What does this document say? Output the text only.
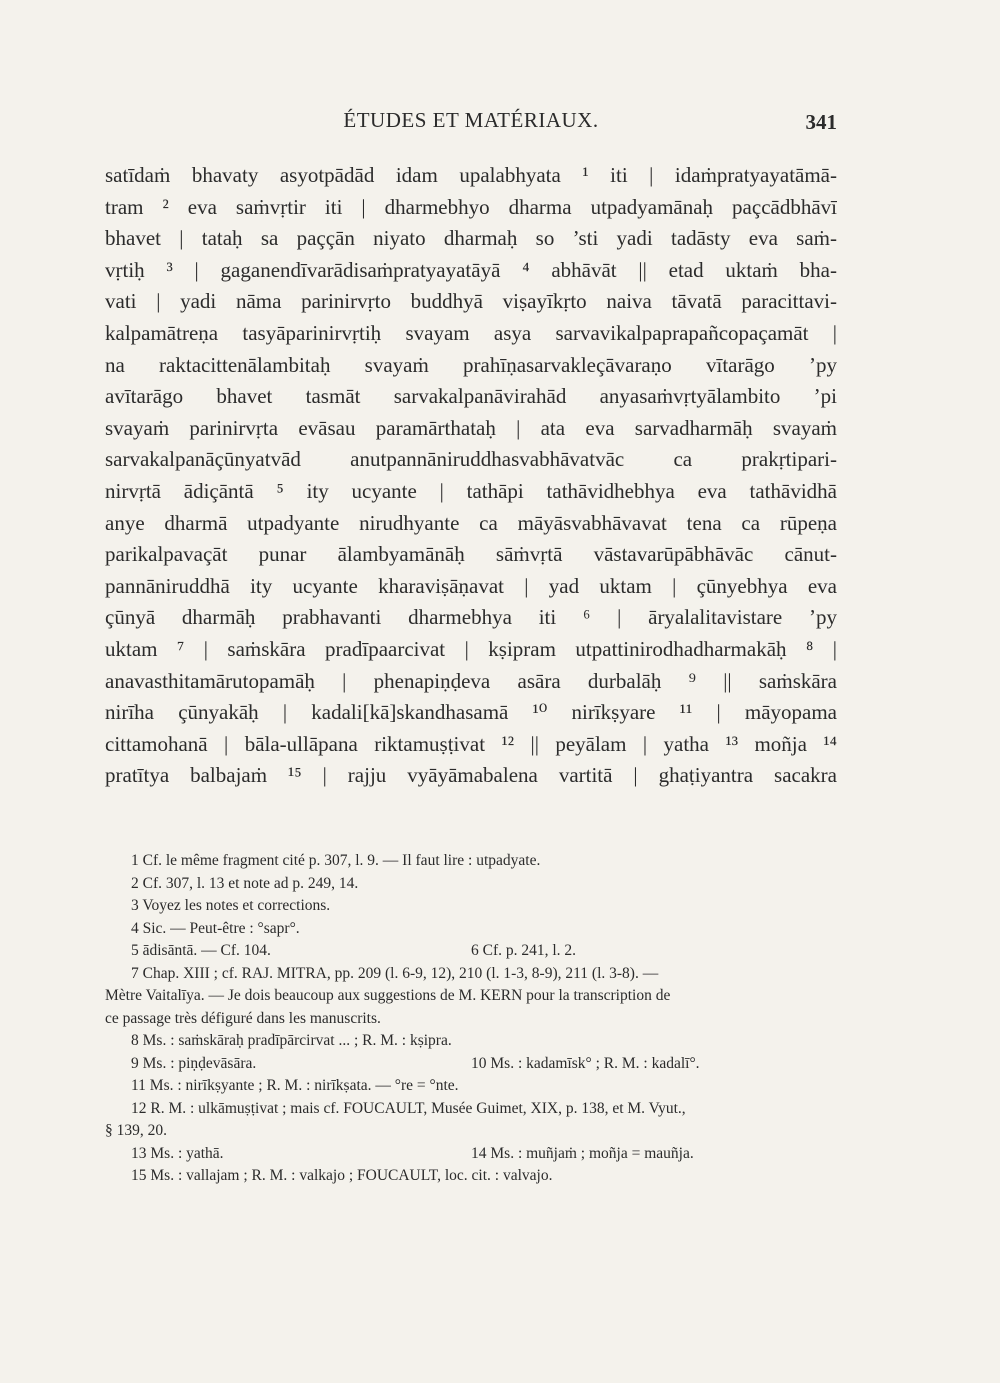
ÉTUDES ET MATÉRIAUX.	341
satīdaṁ bhavaty asyotpādād idam upalabhyata ¹ iti | idaṁpratyayatāmā-
tram ² eva saṁvṛtir iti | dharmebhyo dharma utpadyamānaḥ paçcādbhāvī
bhavet | tataḥ sa paççān niyato dharmaḥ so ’sti yadi tadāsty eva saṁ-
vṛtiḥ ³ | gaganendīvarādisaṁpratyayatāyā ⁴ abhāvāt || etad uktaṁ bha-
vati | yadi nāma parinirvṛto buddhyā viṣayīkṛto naiva tāvatā paracittavi-
kalpamātreṇa tasyāparinirvṛtiḥ svayam asya sarvavikalpaprapañcopaçamāt |
na raktacittenālambitaḥ svayaṁ prahīṇasarvakleçāvaraṇo vītarāgo ’py
avītarāgo bhavet tasmāt sarvakalpanāvirahād anyasaṁvṛtyālambito ’pi
svayaṁ parinirvṛta evāsau paramārthataḥ | ata eva sarvadharmāḥ svayaṁ
sarvakalpanāçūnyatvād anutpannāniruddhasvabhāvatvāc ca prakṛtipari-
nirvṛtā ādiçāntā ⁵ ity ucyante | tathāpi tathāvidhebhya eva tathāvidhā
anye dharmā utpadyante nirudhyante ca māyāsvabhāvavat tena ca rūpeṇa
parikalpavaçāt punar ālambyamānāḥ sāṁvṛtā vāstavarūpābhāvāc cānut-
pannāniruddhā ity ucyante kharaviṣāṇavat | yad uktam | çūnyebhya eva
çūnyā dharmāḥ prabhavanti dharmebhya iti ⁶ | āryalalitavistare ’py
uktam ⁷ | saṁskāra pradīpaarcivat | kṣipram utpattinirodhadharmakāḥ ⁸ |
anavasthitamārutopamāḥ | phenapiṇḍeva asāra durbalāḥ ⁹ || saṁskāra
nirīha çūnyakāḥ | kadali[kā]skandhasamā ¹⁰ nirīkṣyare ¹¹ | māyopama
cittamohanā | bāla-ullāpana riktamuṣṭivat ¹² || peyālam | yatha ¹³ moñja ¹⁴
pratītya balbajaṁ ¹⁵ | rajju vyāyāmabalena vartitā | ghaṭiyantra sacakra
1 Cf. le même fragment cité p. 307, l. 9. — Il faut lire : utpadyate.
2 Cf. 307, l. 13 et note ad p. 249, 14.
3 Voyez les notes et corrections.
4 Sic. — Peut-être : °sapr°.
5 ādisāntā. — Cf. 104.	6 Cf. p. 241, l. 2.
7 Chap. XIII ; cf. RAJ. MITRA, pp. 209 (l. 6-9, 12), 210 (l. 1-3, 8-9), 211 (l. 3-8). —
Mètre Vaitalīya. — Je dois beaucoup aux suggestions de M. KERN pour la transcription de
ce passage très défiguré dans les manuscrits.
8 Ms. : saṁskāraḥ pradīpārcirvat ... ; R. M. : kṣipra.
9 Ms. : piṇḍevāsāra.	10 Ms. : kadamīsk° ; R. M. : kadalī°.
11 Ms. : nirīkṣyante ; R. M. : nirīkṣata. — °re = °nte.
12 R. M. : ulkāmuṣṭivat ; mais cf. FOUCAULT, Musée Guimet, XIX, p. 138, et M. Vyut.,
§ 139, 20.
13 Ms. : yathā.	14 Ms. : muñjaṁ ; moñja = mauñja.
15 Ms. : vallajam ; R. M. : valkajo ; FOUCAULT, loc. cit. : valvajo.
